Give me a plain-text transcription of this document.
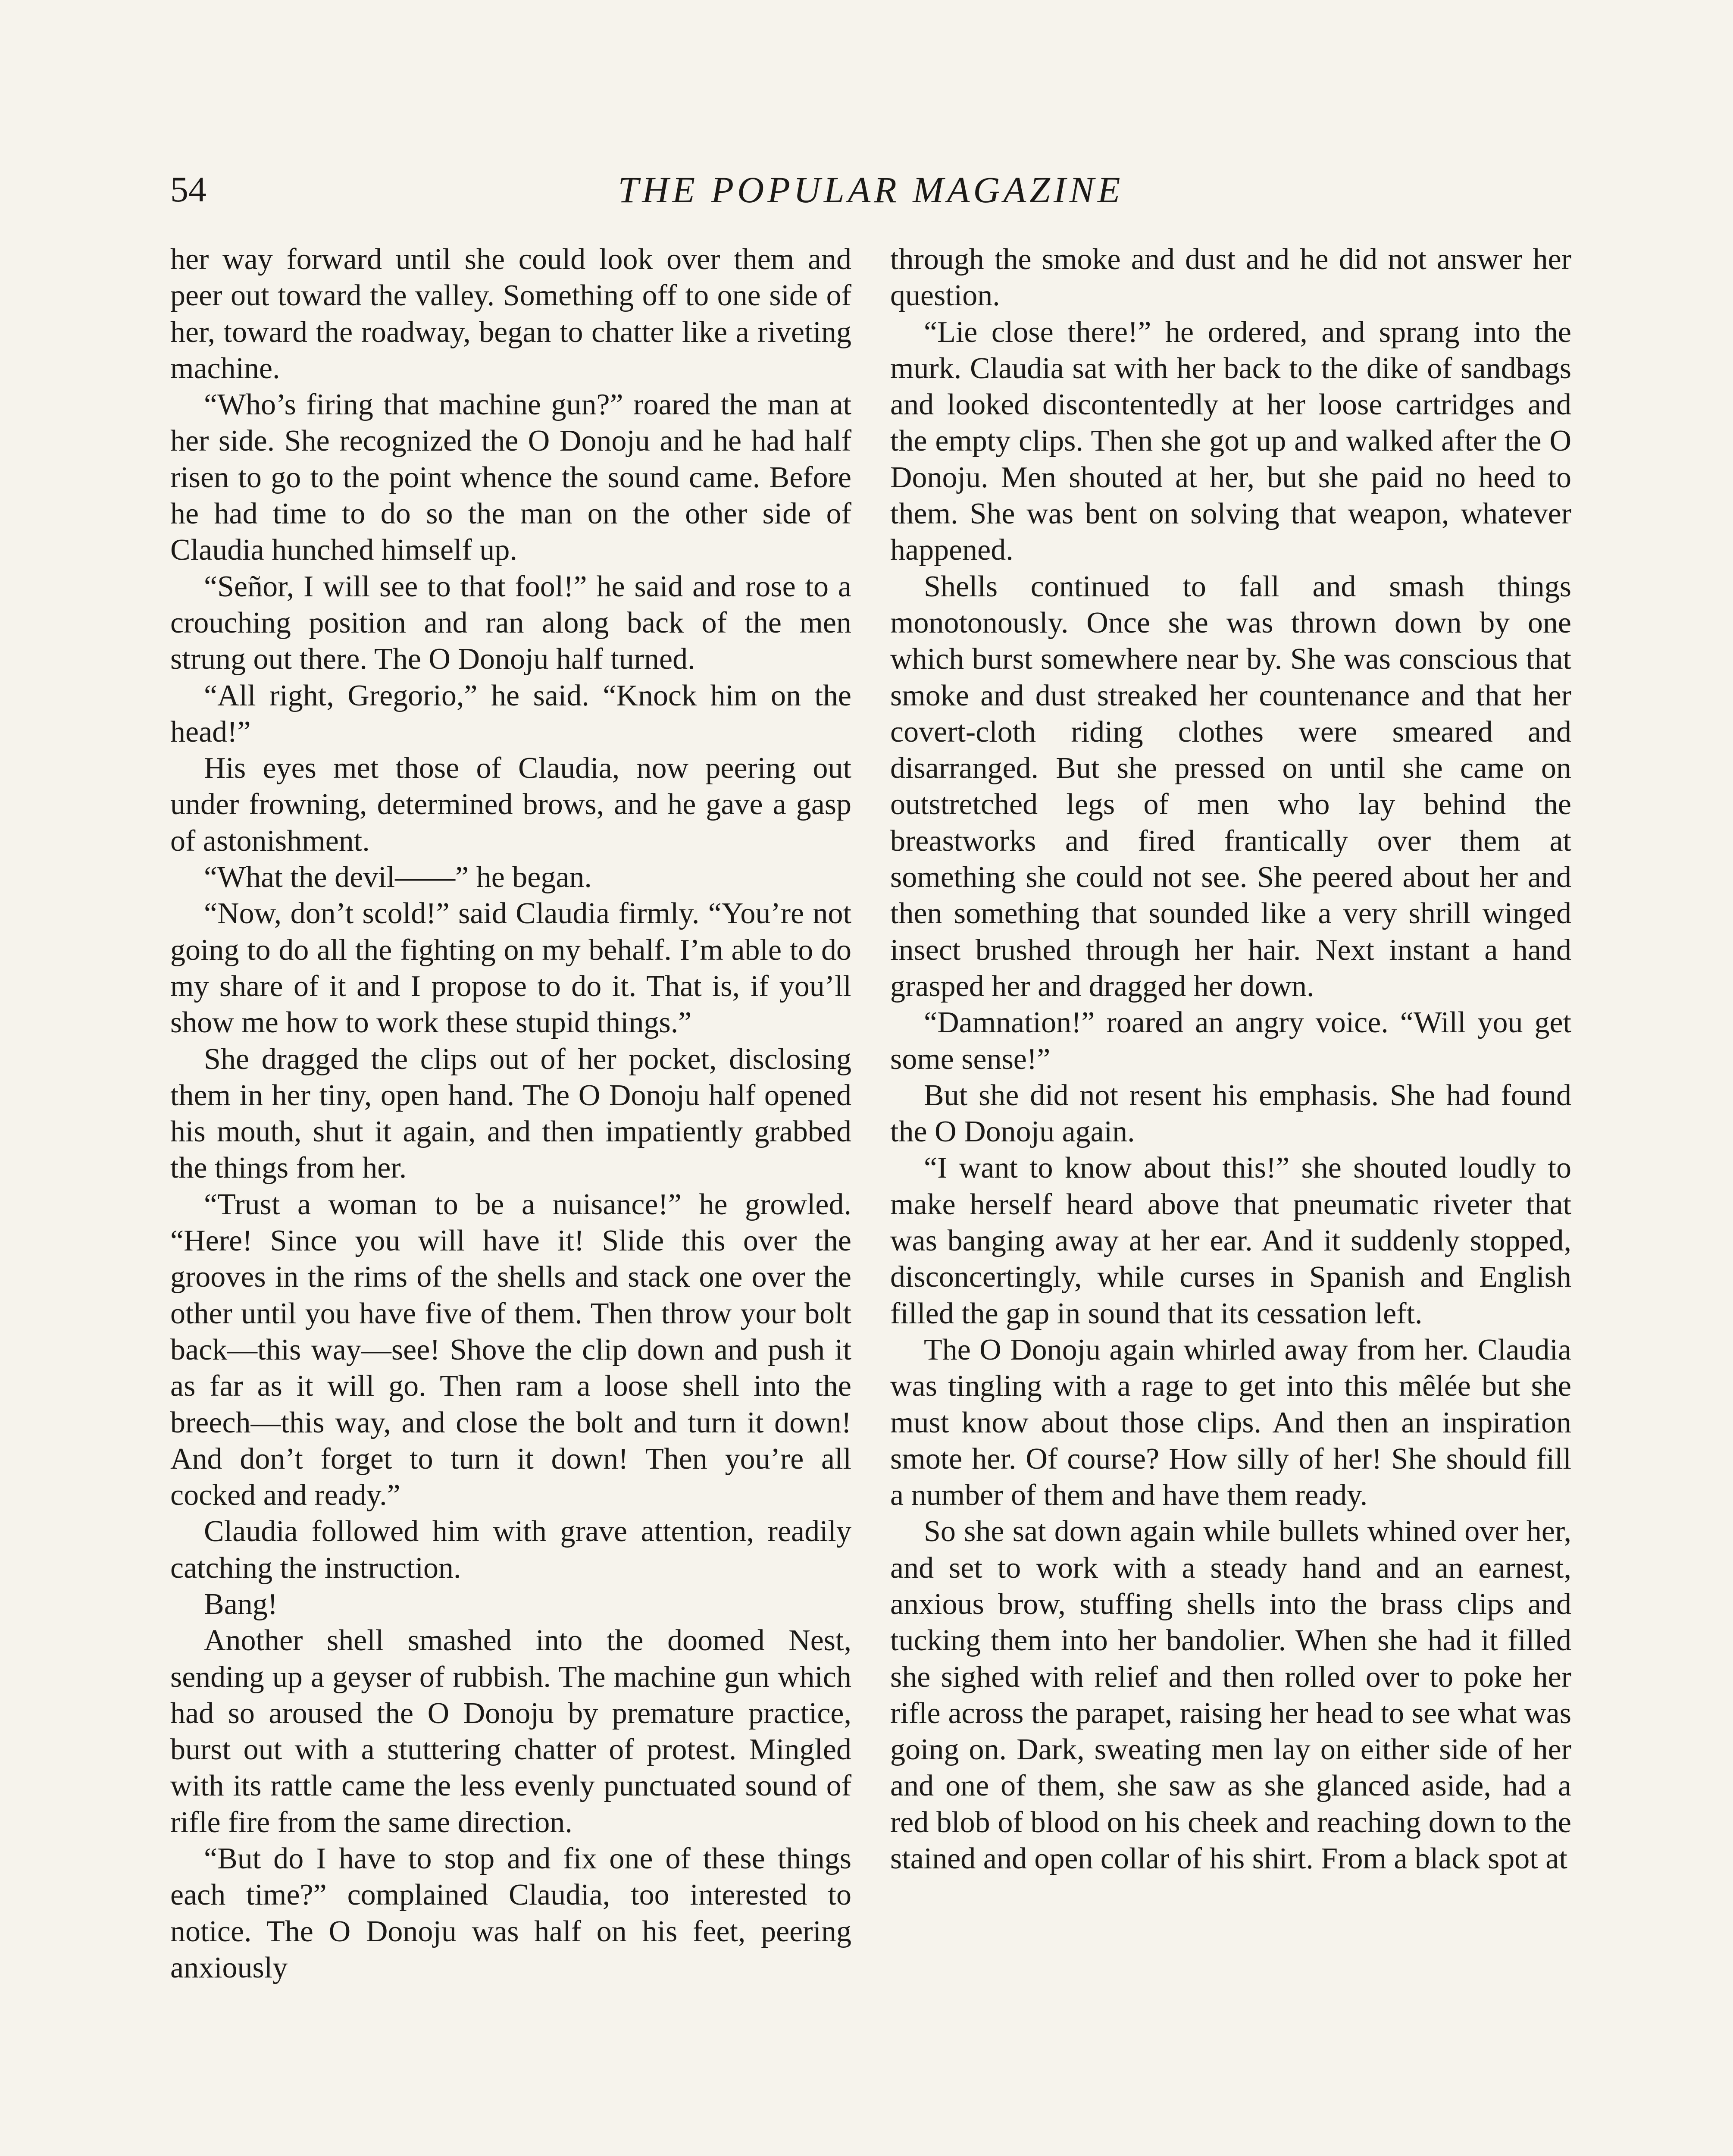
54	THE POPULAR MAGAZINE

her way forward until she could look over them and peer out toward the valley. Something off to one side of her, toward the roadway, began to chatter like a riveting machine.

“Who’s firing that machine gun?” roared the man at her side. She recognized the O Donoju and he had half risen to go to the point whence the sound came. Before he had time to do so the man on the other side of Claudia hunched himself up.

“Señor, I will see to that fool!” he said and rose to a crouching position and ran along back of the men strung out there. The O Donoju half turned.

“All right, Gregorio,” he said. “Knock him on the head!”

His eyes met those of Claudia, now peering out under frowning, determined brows, and he gave a gasp of astonishment.

“What the devil——” he began.

“Now, don’t scold!” said Claudia firmly. “You’re not going to do all the fighting on my behalf. I’m able to do my share of it and I propose to do it. That is, if you’ll show me how to work these stupid things.”

She dragged the clips out of her pocket, disclosing them in her tiny, open hand. The O Donoju half opened his mouth, shut it again, and then impatiently grabbed the things from her.

“Trust a woman to be a nuisance!” he growled. “Here! Since you will have it! Slide this over the grooves in the rims of the shells and stack one over the other until you have five of them. Then throw your bolt back—this way—see! Shove the clip down and push it as far as it will go. Then ram a loose shell into the breech—this way, and close the bolt and turn it down! And don’t forget to turn it down! Then you’re all cocked and ready.”

Claudia followed him with grave attention, readily catching the instruction.

Bang!

Another shell smashed into the doomed Nest, sending up a geyser of rubbish. The machine gun which had so aroused the O Donoju by premature practice, burst out with a stuttering chatter of protest. Mingled with its rattle came the less evenly punctuated sound of rifle fire from the same direction.

“But do I have to stop and fix one of these things each time?” complained Claudia, too interested to notice. The O Donoju was half on his feet, peering anxiously

through the smoke and dust and he did not answer her question.

“Lie close there!” he ordered, and sprang into the murk. Claudia sat with her back to the dike of sandbags and looked discontentedly at her loose cartridges and the empty clips. Then she got up and walked after the O Donoju. Men shouted at her, but she paid no heed to them. She was bent on solving that weapon, whatever happened.

Shells continued to fall and smash things monotonously. Once she was thrown down by one which burst somewhere near by. She was conscious that smoke and dust streaked her countenance and that her covert-cloth riding clothes were smeared and disarranged. But she pressed on until she came on outstretched legs of men who lay behind the breastworks and fired frantically over them at something she could not see. She peered about her and then something that sounded like a very shrill winged insect brushed through her hair. Next instant a hand grasped her and dragged her down.

“Damnation!” roared an angry voice. “Will you get some sense!”

But she did not resent his emphasis. She had found the O Donoju again.

“I want to know about this!” she shouted loudly to make herself heard above that pneumatic riveter that was banging away at her ear. And it suddenly stopped, disconcertingly, while curses in Spanish and English filled the gap in sound that its cessation left.

The O Donoju again whirled away from her. Claudia was tingling with a rage to get into this mêlée but she must know about those clips. And then an inspiration smote her. Of course? How silly of her! She should fill a number of them and have them ready.

So she sat down again while bullets whined over her, and set to work with a steady hand and an earnest, anxious brow, stuffing shells into the brass clips and tucking them into her bandolier. When she had it filled she sighed with relief and then rolled over to poke her rifle across the parapet, raising her head to see what was going on. Dark, sweating men lay on either side of her and one of them, she saw as she glanced aside, had a red blob of blood on his cheek and reaching down to the stained and open collar of his shirt. From a black spot at
